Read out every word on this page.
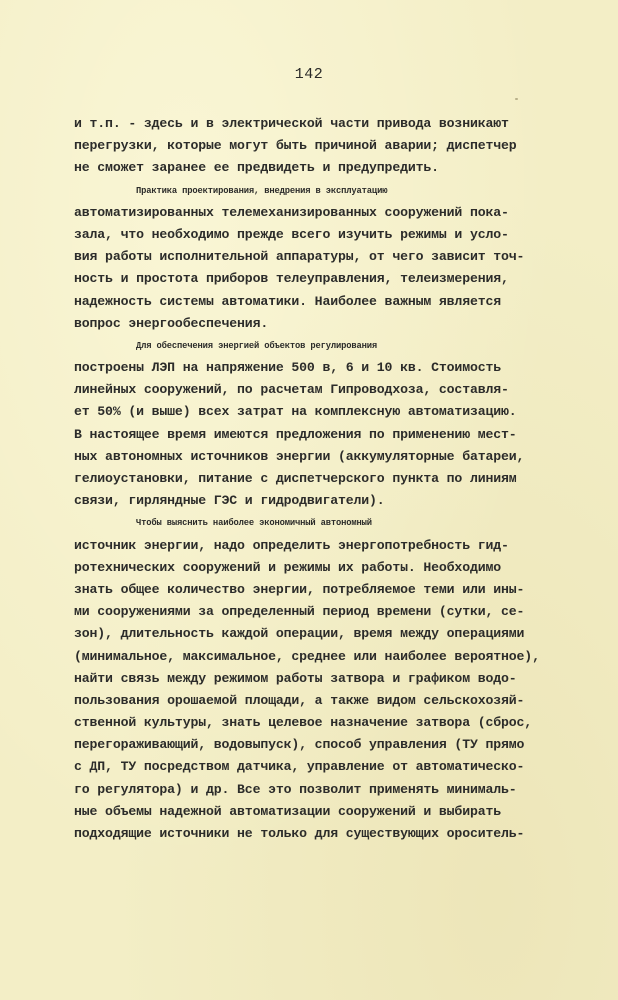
142
и т.п. - здесь и в электрической части привода возникают
перегрузки, которые могут быть причиной аварии; диспетчер
не сможет заранее ее предвидеть и предупредить.
Практика проектирования, внедрения в эксплуатацию
автоматизированных телемеханизированных сооружений пока-
зала, что необходимо прежде всего изучить режимы и усло-
вия работы исполнительной аппаратуры, от чего зависит точ-
ность и простота приборов телеуправления, телеизмерения,
надежность системы автоматики. Наиболее важным является
вопрос энергообеспечения.
Для обеспечения энергией объектов регулирования
построены ЛЭП на напряжение 500 в, 6 и 10 кв. Стоимость
линейных сооружений, по расчетам Гипроводхоза, составля-
ет 50% (и выше) всех затрат на комплексную автоматизацию.
В настоящее время имеются предложения по применению мест-
ных автономных источников энергии (аккумуляторные батареи,
гелиоустановки, питание с диспетчерского пункта по линиям
связи, гирляндные ГЭС и гидродвигатели).
Чтобы выяснить наиболее экономичный автономный
источник энергии, надо определить энергопотребность гид-
ротехнических сооружений и режимы их работы. Необходимо
знать общее количество энергии, потребляемое теми или ины-
ми сооружениями за определенный период времени (сутки, се-
зон), длительность каждой операции, время между операциями
(минимальное, максимальное, среднее или наиболее вероятное),
найти связь между режимом работы затвора и графиком водо-
пользования орошаемой площади, а также видом сельскохозяй-
ственной культуры, знать целевое назначение затвора (сброс,
перегораживающий, водовыпуск), способ управления (ТУ прямо
с ДП, ТУ посредством датчика, управление от автоматическо-
го регулятора) и др. Все это позволит применять минималь-
ные объемы надежной автоматизации сооружений и выбирать
подходящие источники не только для существующих ороситель-
